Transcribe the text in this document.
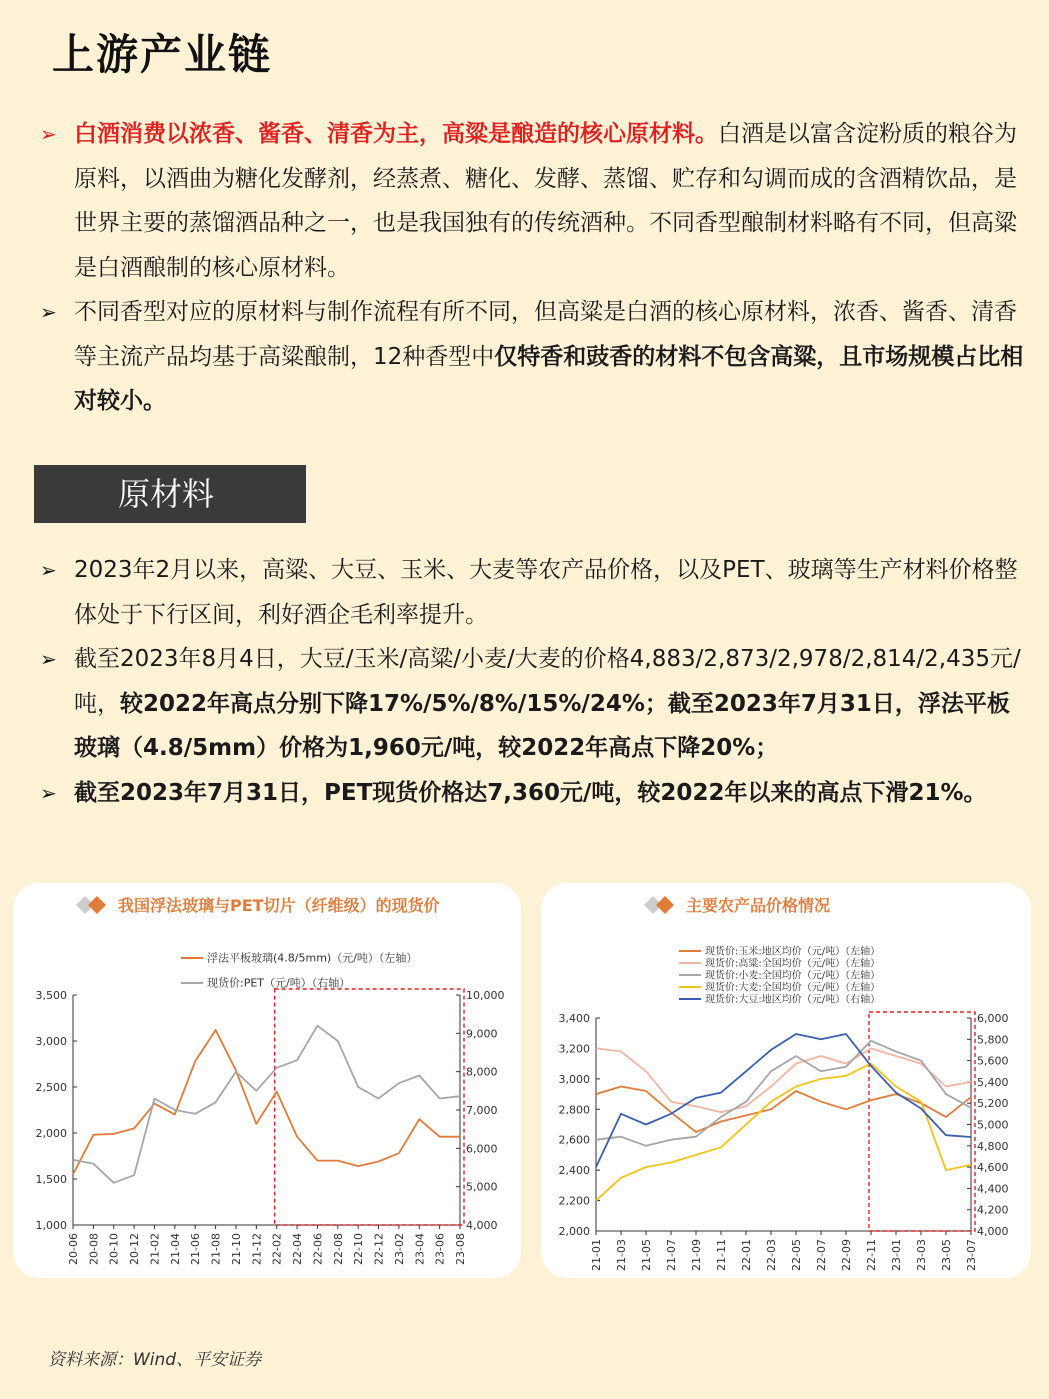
上游产业链
➢ 白酒消费以浓香、酱香、清香为主，高粱是酿造的核心原材料。白酒是以富含淀粉质的粮谷为原料，以酒曲为糖化发酵剂，经蒸煮、糖化、发酵、蒸馏、贮存和勾调而成的含酒精饮品，是世界主要的蒸馏酒品种之一，也是我国独有的传统酒种。不同香型酿制材料略有不同，但高粱是白酒酿制的核心原材料。
➢ 不同香型对应的原材料与制作流程有所不同，但高粱是白酒的核心原材料，浓香、酱香、清香等主流产品均基于高粱酿制，12种香型中仅特香和豉香的材料不包含高粱，且市场规模占比相对较小。
原材料
➢ 2023年2月以来，高粱、大豆、玉米、大麦等农产品价格，以及PET、玻璃等生产材料价格整体处于下行区间，利好酒企毛利率提升。
➢ 截至2023年8月4日，大豆/玉米/高粱/小麦/大麦的价格4,883/2,873/2,978/2,814/2,435元/吨，较2022年高点分别下降17%/5%/8%/15%/24%；截至2023年7月31日，浮法平板玻璃（4.8/5mm）价格为1,960元/吨，较2022年高点下降20%；
➢ 截至2023年7月31日，PET现货价格达7,360元/吨，较2022年以来的高点下滑21%。
我国浮法玻璃与PET切片（纤维级）的现货价
浮法平板玻璃(4.8/5mm)（元/吨）（左轴）
现货价:PET（元/吨）（右轴）
1,000
1,500
2,000
2,500
3,000
3,500
4,000
5,000
6,000
7,000
8,000
9,000
10,000
20-06 20-08 20-10 20-12 21-02 21-04 21-06 21-08 21-10 21-12 22-02 22-04 22-06 22-08 22-10 22-12 23-02 23-04 23-06 23-08
主要农产品价格情况
现货价:玉米:地区均价（元/吨）（左轴）
现货价:高粱:全国均价（元/吨）（左轴）
现货价:小麦:全国均价（元/吨）（左轴）
现货价:大麦:全国均价（元/吨）（左轴）
现货价:大豆:地区均价（元/吨）（右轴）
2,000
2,200
2,400
2,600
2,800
3,000
3,200
3,400
4,000
4,200
4,400
4,600
4,800
5,000
5,200
5,400
5,600
5,800
6,000
21-01 21-03 21-05 21-07 21-09 21-11 22-01 22-03 22-05 22-07 22-09 22-11 23-01 23-03 23-05 23-07
资料来源：Wind、平安证券
